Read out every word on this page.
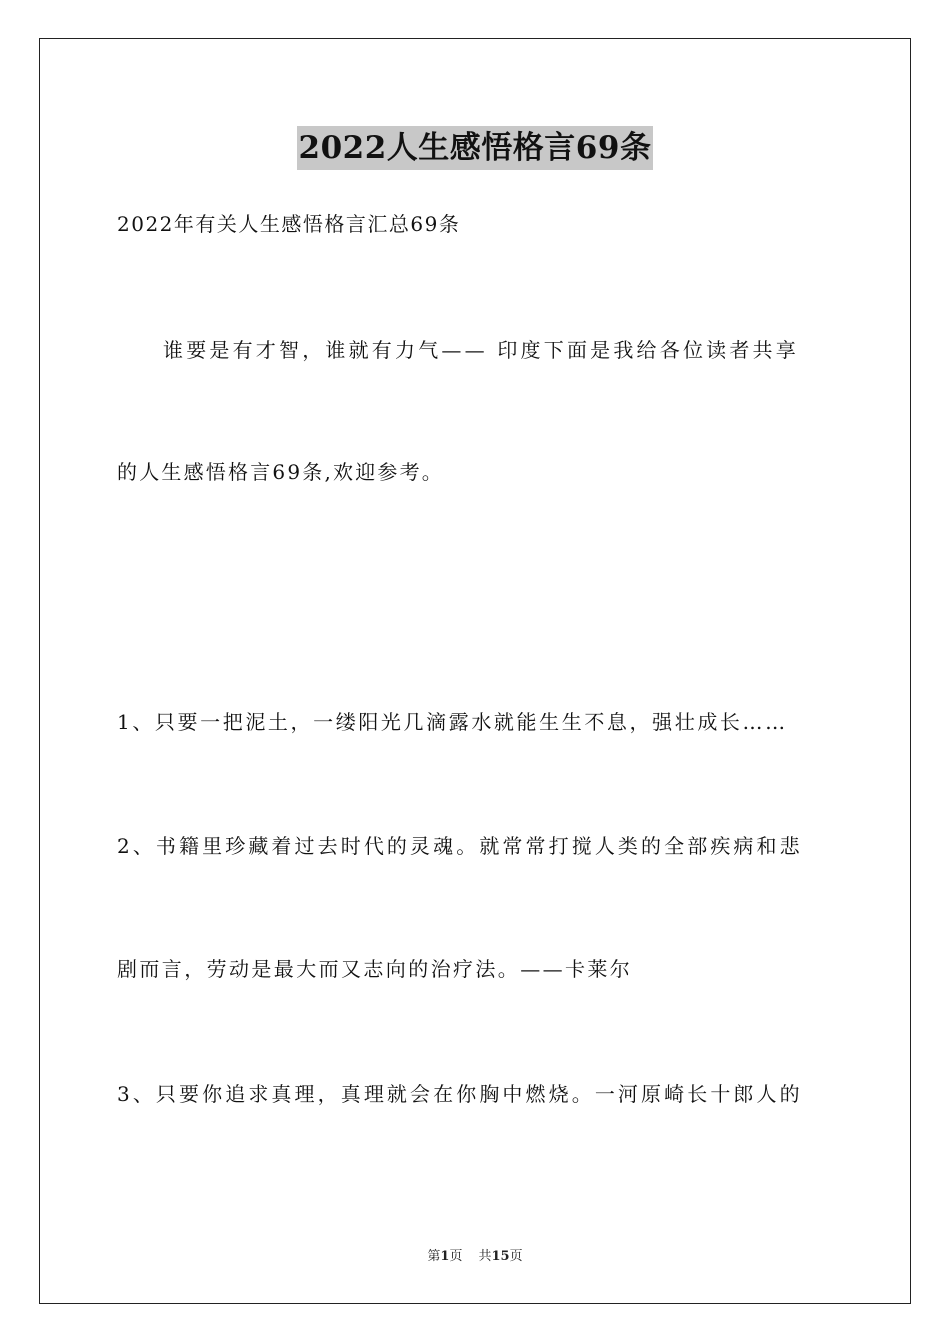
2022人生感悟格言69条
2022年有关人生感悟格言汇总69条
谁要是有才智，谁就有力气—— 印度下面是我给各位读者共享
的人生感悟格言69条,欢迎参考。
1、只要一把泥土，一缕阳光几滴露水就能生生不息，强壮成长……
2、书籍里珍藏着过去时代的灵魂。就常常打搅人类的全部疾病和悲
剧而言，劳动是最大而又志向的治疗法。——卡莱尔
3、只要你追求真理，真理就会在你胸中燃烧。一河原崎长十郎人的
第1页 共15页
